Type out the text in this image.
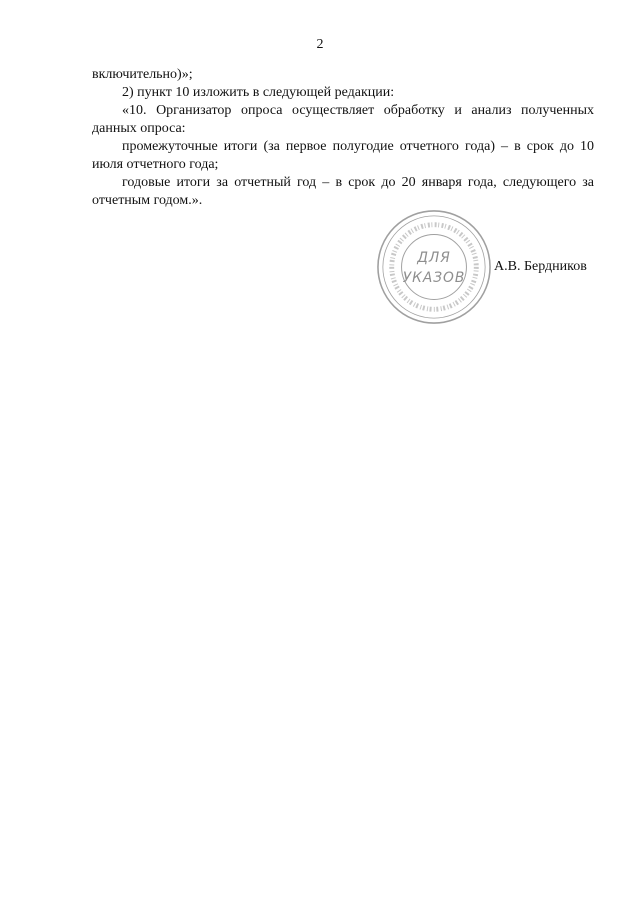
2

включительно)»;

2) пункт 10 изложить в следующей редакции:

«10. Организатор опроса осуществляет обработку и анализ полученных данных опроса:

промежуточные итоги (за первое полугодие отчетного года) – в срок до 10 июля отчетного года;

годовые итоги за отчетный год – в срок до 20 января года, следующего за отчетным годом.».

ДЛЯ
УКАЗОВ
А.В. Бердников
